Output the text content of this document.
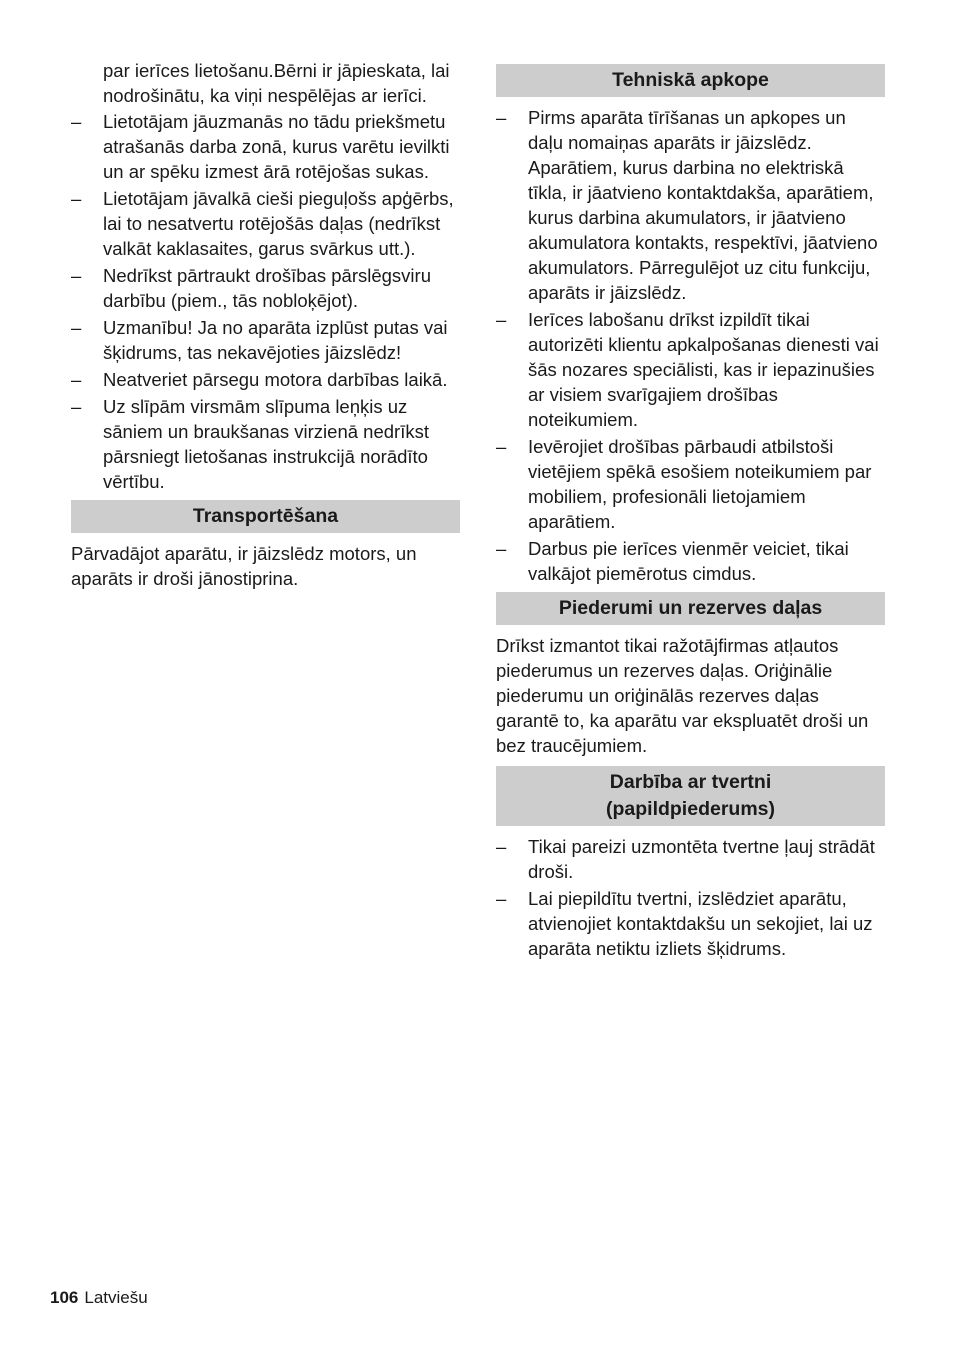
par ierīces lietošanu.Bērni ir jāpieskata, lai nodrošinātu, ka viņi nespēlējas ar ierīci.
– Lietotājam jāuzmanās no tādu priekšmetu atrašanās darba zonā, kurus varētu ievilkti un ar spēku izmest ārā rotējošas sukas.
– Lietotājam jāvalkā cieši pieguļošs apģērbs, lai to nesatvertu rotējošās daļas (nedrīkst valkāt kaklasaites, garus svārkus utt.).
– Nedrīkst pārtraukt drošības pārslēgsviru darbību (piem., tās nobloķējot).
– Uzmanību! Ja no aparāta izplūst putas vai šķidrums, tas nekavējoties jāizslēdz!
– Neatveriet pārsegu motora darbības laikā.
– Uz slīpām virsmām slīpuma leņķis uz sāniem un braukšanas virzienā nedrīkst pārsniegt lietošanas instrukcijā norādīto vērtību.
Transportēšana
Pārvadājot aparātu, ir jāizslēdz motors, un aparāts ir droši jānostiprina.
Tehniskā apkope
– Pirms aparāta tīrīšanas un apkopes un daļu nomaiņas aparāts ir jāizslēdz. Aparātiem, kurus darbina no elektriskā tīkla, ir jāatvieno kontaktdakša, aparātiem, kurus darbina akumulators, ir jāatvieno akumulatora kontakts, respektīvi, jāatvieno akumulators. Pārregulējot uz citu funkciju, aparāts ir jāizslēdz.
– Ierīces labošanu drīkst izpildīt tikai autorizēti klientu apkalpošanas dienesti vai šās nozares speciālisti, kas ir iepazinušies ar visiem svarīgajiem drošības noteikumiem.
– Ievērojiet drošības pārbaudi atbilstoši vietējiem spēkā esošiem noteikumiem par mobiliem, profesionāli lietojamiem aparātiem.
– Darbus pie ierīces vienmēr veiciet, tikai valkājot piemērotus cimdus.
Piederumi un rezerves daļas
Drīkst izmantot tikai ražotājfirmas atļautos piederumus un rezerves daļas. Oriģinālie piederumu un oriģinālās rezerves daļas garantē to, ka aparātu var ekspluatēt droši un bez traucējumiem.
Darbība ar tvertni
(papildpiederums)
– Tikai pareizi uzmontēta tvertne ļauj strādāt droši.
– Lai piepildītu tvertni, izslēdziet aparātu, atvienojiet kontaktdakšu un sekojiet, lai uz aparāta netiktu izliets šķidrums.
106 Latviešu
